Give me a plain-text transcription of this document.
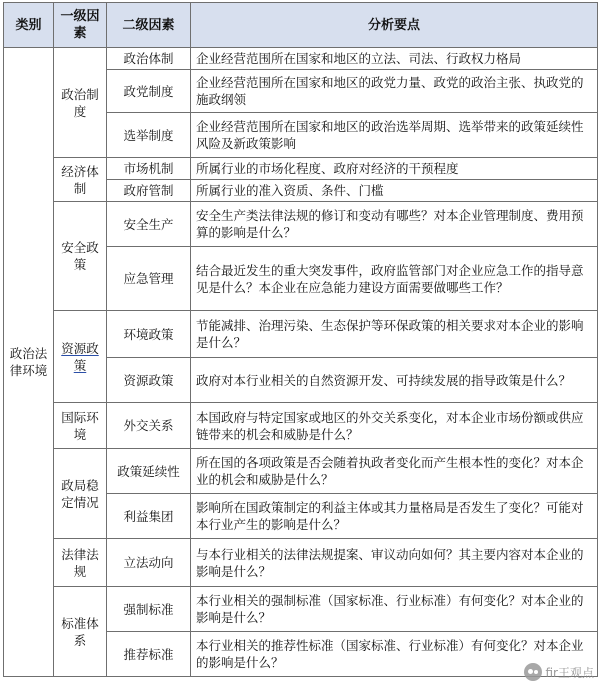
类别	一级因素	二级因素	分析要点
政治法律环境	政治制度	政治体制	企业经营范围所在国家和地区的立法、司法、行政权力格局
		政党制度	企业经营范围所在国家和地区的政党力量、政党的政治主张、执政党的施政纲领
		选举制度	企业经营范围所在国家和地区的政治选举周期、选举带来的政策延续性风险及新政策影响
	经济体制	市场机制	所属行业的市场化程度、政府对经济的干预程度
		政府管制	所属行业的准入资质、条件、门槛
	安全政策	安全生产	安全生产类法律法规的修订和变动有哪些？对本企业管理制度、费用预算的影响是什么？
		应急管理	结合最近发生的重大突发事件，政府监管部门对企业应急工作的指导意见是什么？本企业在应急能力建设方面需要做哪些工作？
	资源政策	环境政策	节能减排、治理污染、生态保护等环保政策的相关要求对本企业的影响是什么？
		资源政策	政府对本行业相关的自然资源开发、可持续发展的指导政策是什么？
	国际环境	外交关系	本国政府与特定国家或地区的外交关系变化，对本企业市场份额或供应链带来的机会和威胁是什么？
	政局稳定情况	政策延续性	所在国的各项政策是否会随着执政者变化而产生根本性的变化？对本企业的机会和威胁是什么？
		利益集团	影响所在国政策制定的利益主体或其力量格局是否发生了变化？可能对本行业产生的影响是什么？
	法律法规	立法动向	与本行业相关的法律法规提案、审议动向如何？其主要内容对本企业的影响是什么？
	标准体系	强制标准	本行业相关的强制标准（国家标准、行业标准）有何变化？对本企业的影响是什么？
		推荐标准	本行业相关的推荐性标准（国家标准、行业标准）有何变化？对本企业的影响是什么？
fir王观点
